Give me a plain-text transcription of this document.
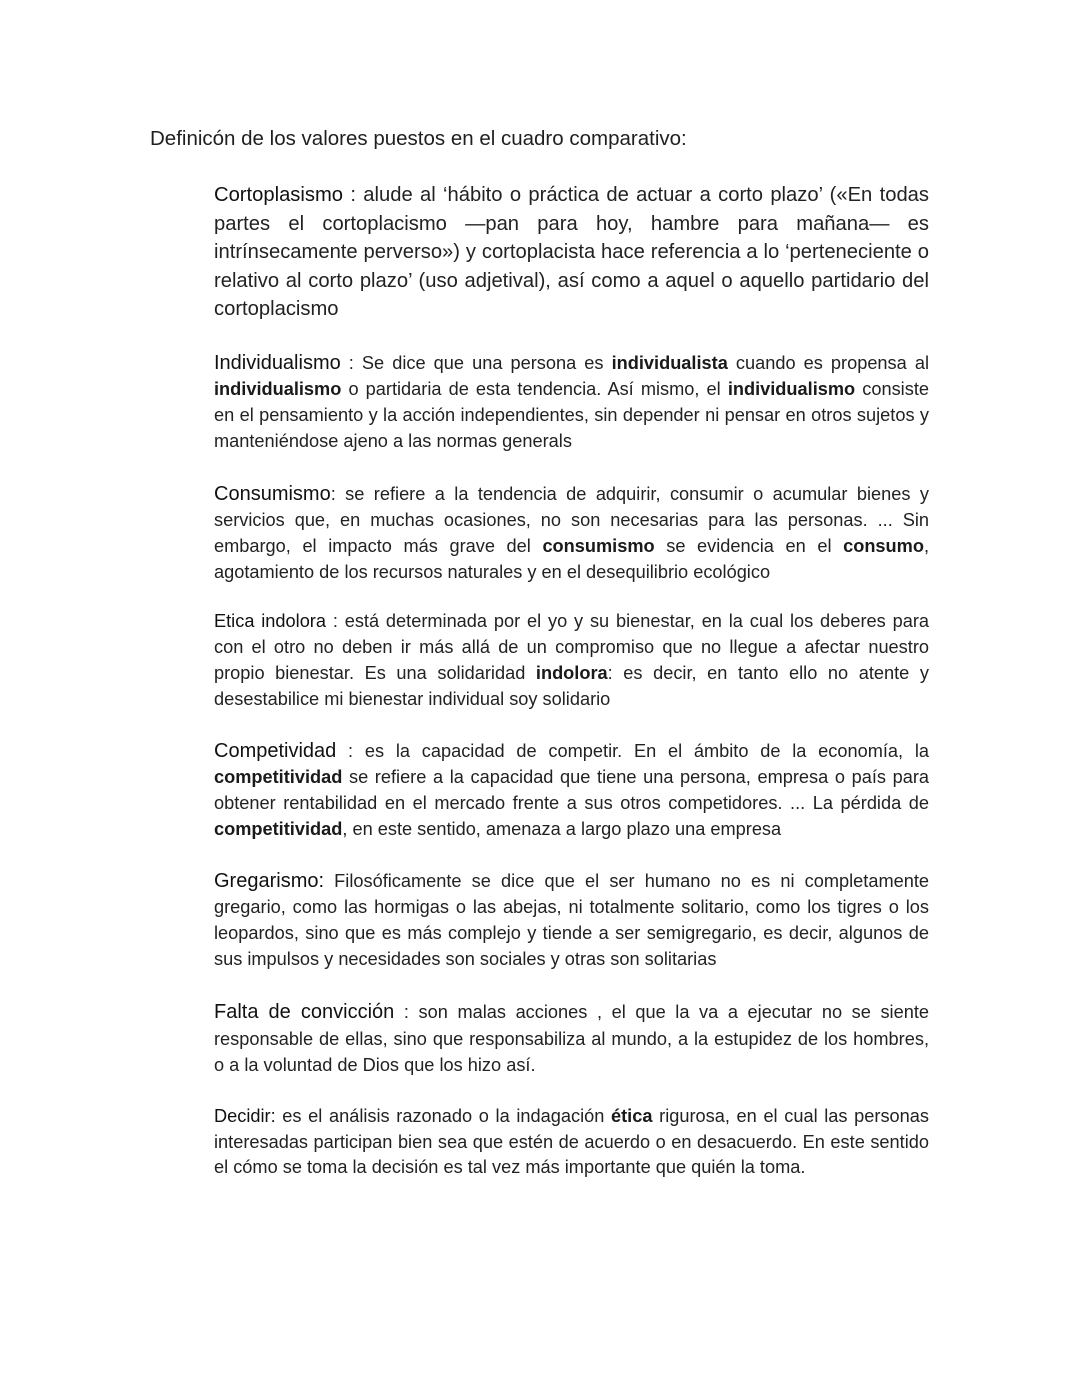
Definicón de los valores puestos en el cuadro comparativo:

Cortoplasismo : alude al ‘hábito o práctica de actuar a corto plazo’ («En todas partes el cortoplacismo —pan para hoy, hambre para mañana— es intrínsecamente perverso») y cortoplacista hace referencia a lo ‘perteneciente o relativo al corto plazo’ (uso adjetival), así como a aquel o aquello partidario del cortoplacismo

Individualismo : Se dice que una persona es individualista cuando es propensa al individualismo o partidaria de esta tendencia. Así mismo, el individualismo consiste en el pensamiento y la acción independientes, sin depender ni pensar en otros sujetos y manteniéndose ajeno a las normas generals

Consumismo: se refiere a la tendencia de adquirir, consumir o acumular bienes y servicios que, en muchas ocasiones, no son necesarias para las personas. ... Sin embargo, el impacto más grave del consumismo se evidencia en el consumo, agotamiento de los recursos naturales y en el desequilibrio ecológico

Etica indolora : está determinada por el yo y su bienestar, en la cual los deberes para con el otro no deben ir más allá de un compromiso que no llegue a afectar nuestro propio bienestar. Es una solidaridad indolora: es decir, en tanto ello no atente y desestabilice mi bienestar individual soy solidario

Competividad : es la capacidad de competir. En el ámbito de la economía, la competitividad se refiere a la capacidad que tiene una persona, empresa o país para obtener rentabilidad en el mercado frente a sus otros competidores. ... La pérdida de competitividad, en este sentido, amenaza a largo plazo una empresa

Gregarismo: Filosóficamente se dice que el ser humano no es ni completamente gregario, como las hormigas o las abejas, ni totalmente solitario, como los tigres o los leopardos, sino que es más complejo y tiende a ser semigregario, es decir, algunos de sus impulsos y necesidades son sociales y otras son solitarias

Falta de convicción : son malas acciones , el que la va a ejecutar no se siente responsable de ellas, sino que responsabiliza al mundo, a la estupidez de los hombres, o a la voluntad de Dios que los hizo así.

Decidir: es el análisis razonado o la indagación ética rigurosa, en el cual las personas interesadas participan bien sea que estén de acuerdo o en desacuerdo. En este sentido el cómo se toma la decisión es tal vez más importante que quién la toma.
